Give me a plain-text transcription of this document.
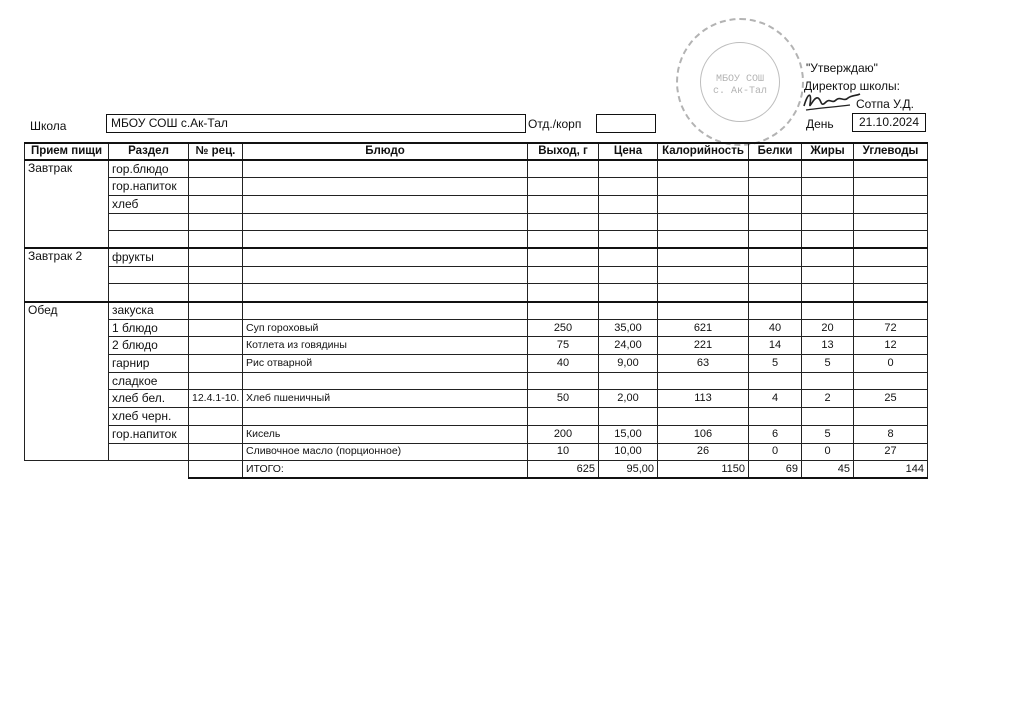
Школа	МБОУ СОШ с.Ак-Тал	Отд./корп
МБОУ СОШ
с. Ак-Тал
"Утверждаю"
Директор школы:
Сотпа У.Д.
День	21.10.2024
Прием пищи	Раздел	№ рец.	Блюдо	Выход, г	Цена	Калорийность	Белки	Жиры	Углеводы
Завтрак	гор.блюдо								
	гор.напиток								
	хлеб								

Завтрак 2	фрукты								

Обед	закуска								
	1 блюдо		Суп гороховый	250	35,00	621	40	20	72
	2 блюдо		Котлета из говядины	75	24,00	221	14	13	12
	гарнир		Рис отварной	40	9,00	63	5	5	0
	сладкое								
	хлеб бел.	12.4.1-10.	Хлеб пшеничный	50	2,00	113	4	2	25
	хлеб черн.								
	гор.напиток		Кисель	200	15,00	106	6	5	8
			Сливочное масло (порционное)	10	10,00	26	0	0	27
			ИТОГО:	625	95,00	1150	69	45	144
